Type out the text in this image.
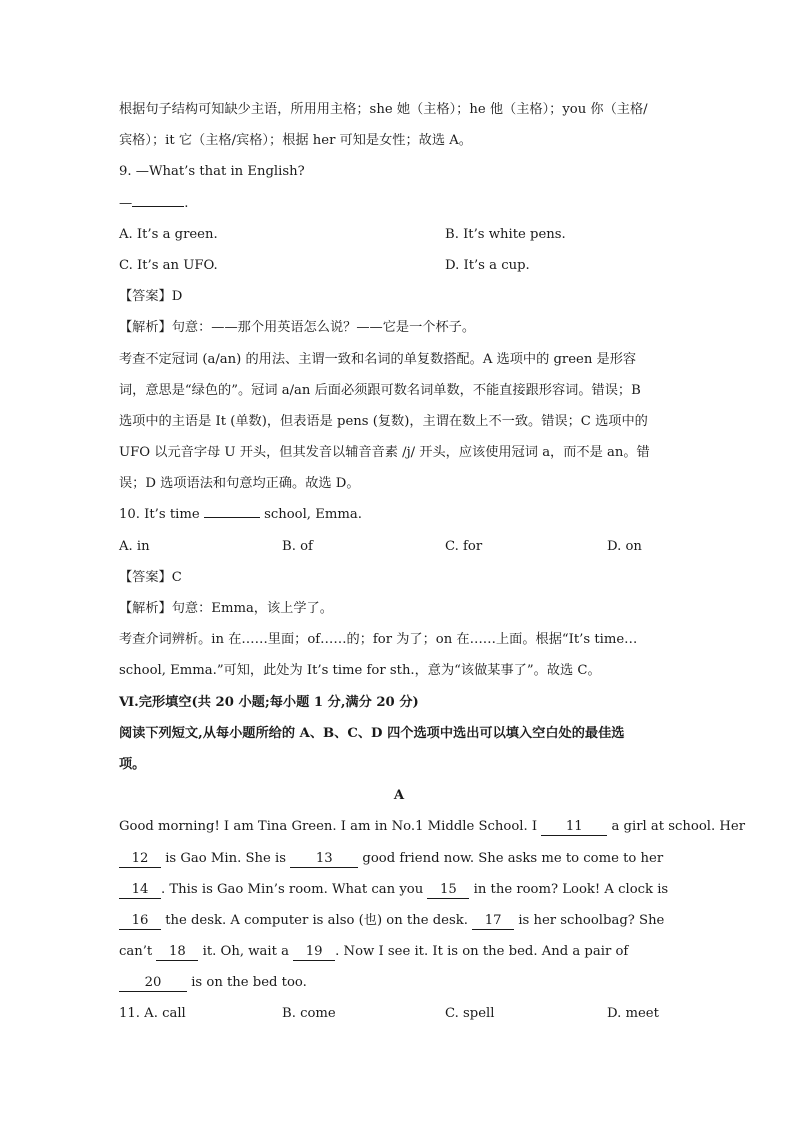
根据句子结构可知缺少主语，所用用主格；she 她（主格）；he 他（主格）；you 你（主格/
宾格）；it 它（主格/宾格）；根据 her 可知是女性；故选 A。
9. —What’s that in English?
—	.
A. It’s a green.	B. It’s white pens.
C. It’s an UFO.	D. It’s a cup.
【答案】D
【解析】句意：——那个用英语怎么说？——它是一个杯子。
考查不定冠词 (a/an) 的用法、主谓一致和名词的单复数搭配。A 选项中的 green 是形容
词，意思是“绿色的”。冠词 a/an 后面必须跟可数名词单数，不能直接跟形容词。错误；B
选项中的主语是 It (单数)，但表语是 pens (复数)，主谓在数上不一致。错误；C 选项中的
UFO 以元音字母 U 开头，但其发音以辅音音素 /j/ 开头，应该使用冠词 a，而不是 an。错
误；D 选项语法和句意均正确。故选 D。
10. It’s time	school, Emma.
A. in	B. of	C. for	D. on
【答案】C
【解析】句意：Emma，该上学了。
考查介词辨析。in 在……里面；of……的；for 为了；on 在……上面。根据“It’s time…
school, Emma.”可知，此处为 It’s time for sth.，意为“该做某事了”。故选 C。
Ⅵ.完形填空(共 20 小题;每小题 1 分,满分 20 分)
阅读下列短文,从每小题所给的 A、B、C、D 四个选项中选出可以填入空白处的最佳选
项。
A
Good morning! I am Tina Green. I am in No.1 Middle School. I 11 a girl at school. Her
12 is Gao Min. She is 13 good friend now. She asks me to come to her
14 . This is Gao Min’s room. What can you 15 in the room? Look! A clock is
16 the desk. A computer is also (也) on the desk. 17 is her schoolbag? She
can’t 18 it. Oh, wait a 19 . Now I see it. It is on the bed. And a pair of
20 is on the bed too.
11. A. call	B. come	C. spell	D. meet
